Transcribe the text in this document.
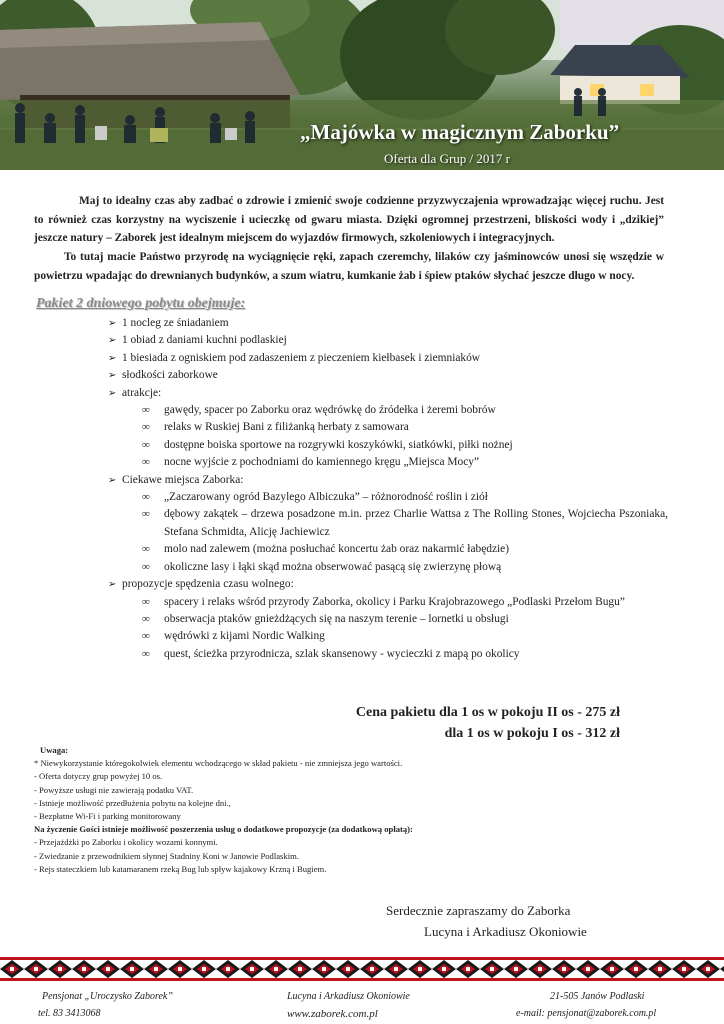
„Majówka w magicznym Zaborku”
Oferta dla Grup / 2017 r

Maj to idealny czas aby zadbać o zdrowie i zmienić swoje codzienne przyzwyczajenia wprowadzając więcej ruchu. Jest to również czas korzystny na wyciszenie i ucieczkę od gwaru miasta. Dzięki ogromnej przestrzeni, bliskości wody i „dzikiej” jeszcze natury – Zaborek jest idealnym miejscem do wyjazdów firmowych, szkoleniowych i integracyjnych.

To tutaj macie Państwo przyrodę na wyciągnięcie ręki, zapach czeremchy, lilaków czy jaśminowców unosi się wszędzie w powietrzu wpadając do drewnianych budynków, a szum wiatru, kumkanie żab i śpiew ptaków słychać jeszcze długo w nocy.

Pakiet 2 dniowego pobytu obejmuje:
➢ 1 nocleg ze śniadaniem
➢ 1 obiad z daniami kuchni podlaskiej
➢ 1 biesiada z ogniskiem pod zadaszeniem z pieczeniem kiełbasek i ziemniaków
➢ słodkości zaborkowe
➢ atrakcje:
∞ gawędy, spacer po Zaborku oraz wędrówkę do źródełka i żeremi bobrów
∞ relaks w Ruskiej Bani z filiżanką herbaty z samowara
∞ dostępne boiska sportowe na rozgrywki koszykówki, siatkówki, piłki nożnej
∞ nocne wyjście z pochodniami do kamiennego kręgu „Miejsca Mocy”
➢ Ciekawe miejsca Zaborka:
∞ „Zaczarowany ogród Bazylego Albiczuka” – różnorodność roślin i ziół
∞ dębowy zakątek – drzewa posadzone m.in. przez Charlie Wattsa z The Rolling Stones, Wojciecha Pszoniaka, Stefana Schmidta, Alicję Jachiewicz
∞ molo nad zalewem (można posłuchać koncertu żab oraz nakarmić łabędzie)
∞ okoliczne lasy i łąki skąd można obserwować pasącą się zwierzynę płową
➢ propozycje spędzenia czasu wolnego:
∞ spacery i relaks wśród przyrody Zaborka, okolicy i Parku Krajobrazowego „Podlaski Przełom Bugu”
∞ obserwacja ptaków gnieżdżących się na naszym terenie – lornetki u obsługi
∞ wędrówki z kijami Nordic Walking
∞ quest, ścieżka przyrodnicza, szlak skansenowy - wycieczki z mapą po okolicy
Cena pakietu dla 1 os w pokoju II os - 275 zł
dla 1 os w pokoju I os - 312 zł
Uwaga:
* Niewykorzystanie któregokolwiek elementu wchodzącego w skład pakietu - nie zmniejsza jego wartości.
- Oferta dotyczy grup powyżej 10 os.
- Powyższe usługi nie zawierają podatku VAT.
- Istnieje możliwość przedłużenia pobytu na kolejne dni.,
- Bezpłatne Wi-Fi i parking monitorowany
Na życzenie Gości istnieje możliwość poszerzenia usług o dodatkowe propozycje (za dodatkową opłatą):
- Przejażdżki po Zaborku i okolicy wozami konnymi.
- Zwiedzanie z przewodnikiem słynnej Stadniny Koni w Janowie Podlaskim.
- Rejs stateczkiem lub katamaranem rzeką Bug lub spływ kajakowy Krzną i Bugiem.
Serdecznie zapraszamy do Zaborka
Lucyna i Arkadiusz Okoniowie
Pensjonat „Uroczysko Zaborek”	Lucyna i Arkadiusz Okoniowie	21-505 Janów Podlaski
tel. 83 3413068	www.zaborek.com.pl	e-mail: pensjonat@zaborek.com.pl
